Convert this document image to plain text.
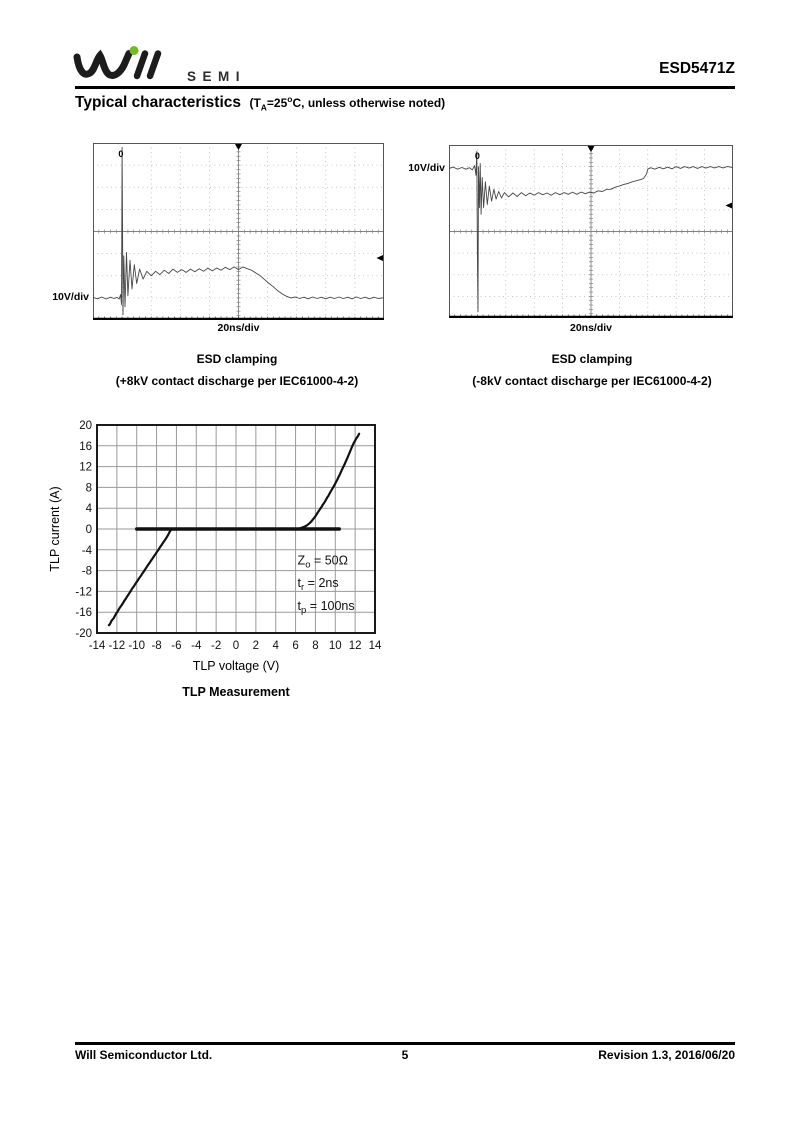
SEMI	ESD5471Z
Typical characteristics ($T_A=25^oC$, unless otherwise noted)
10V/div
0
20ns/div
10V/div
0
20ns/div
ESD clamping
(+8kV contact discharge per IEC61000-4-2)
ESD clamping
(-8kV contact discharge per IEC61000-4-2)
TLP current (A)
-20
-16
-12
-8
-4
0
4
8
12
16
20
-14 -12 -10 -8 -6 -4 -2 0 2 4 6 8 10 12 14
$Z_o = 50\Omega$
$t_r = 2ns$
$t_p = 100ns$
TLP voltage (V)
TLP Measurement
Will Semiconductor Ltd.	5	Revision 1.3, 2016/06/20
